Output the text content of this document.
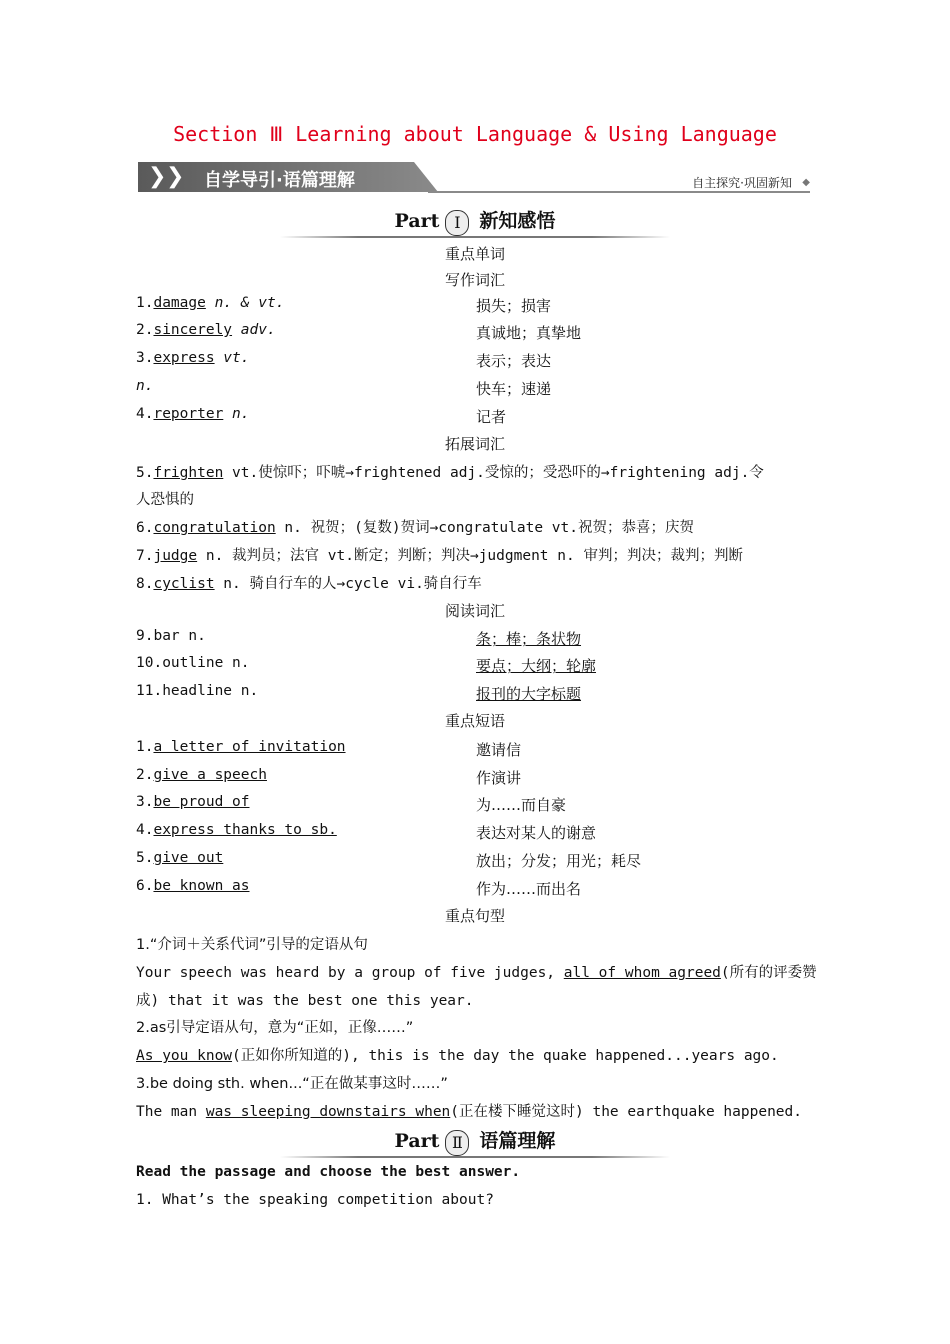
Section Ⅲ Learning about Language & Using Language
❯ ❯ 自学导引·语篇理解	自主探究·巩固新知 ◆
Part Ⅰ 新知感悟
重点单词
写作词汇
1.damage n. & vt.	损失；损害
2.sincerely adv.	真诚地；真挚地
3.express vt.	表示；表达
n.	快车；速递
4.reporter n.	记者
拓展词汇
5.frighten vt.使惊吓；吓唬→frightened adj.受惊的；受恐吓的→frightening adj.令
人恐惧的
6.congratulation n. 祝贺；(复数)贺词→congratulate vt.祝贺；恭喜；庆贺
7.judge n. 裁判员；法官 vt.断定；判断；判决→judgment n. 审判；判决；裁判；判断
8.cyclist n. 骑自行车的人→cycle vi.骑自行车
阅读词汇
9.bar n.	条；棒；条状物
10.outline n.	要点；大纲；轮廓
11.headline n.	报刊的大字标题
重点短语
1.a letter of invitation	邀请信
2.give a speech	作演讲
3.be proud of	为……而自豪
4.express thanks to sb.	表达对某人的谢意
5.give out	放出；分发；用光；耗尽
6.be known as	作为……而出名
重点句型
1.“介词＋关系代词”引导的定语从句
Your speech was heard by a group of five judges, all of whom agreed(所有的评委赞
成) that it was the best one this year.
2.as引导定语从句，意为“正如，正像……”
As you know(正如你所知道的), this is the day the quake happened...years ago.
3.be doing sth. when...“正在做某事这时……”
The man was sleeping downstairs when(正在楼下睡觉这时) the earthquake happened.
Part Ⅱ 语篇理解
Read the passage and choose the best answer.
1. What’s the speaking competition about?
